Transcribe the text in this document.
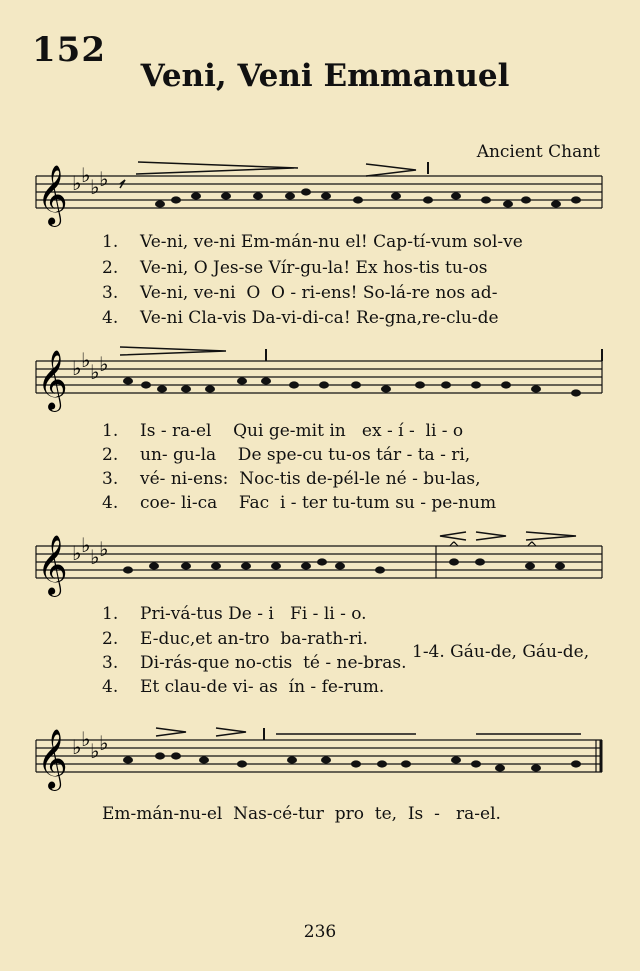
152
Veni, Veni Emmanuel
Ancient Chant
𝄞 ♭ ♭ ♭ ♭
1. Ve-ni, ve-ni Em-mán-nu el! Cap-tí-vum sol-ve
2. Ve-ni, O Jes-se Vír-gu-la! Ex hos-tis tu-os
3. Ve-ni, ve-ni  O  O - ri-ens! So-lá-re nos ad-
4. Ve-ni Cla-vis Da-vi-di-ca! Re-gna,re-clu-de
𝄞 ♭ ♭ ♭ ♭
1. Is - ra-el    Qui ge-mit in   ex - í -  li - o
2. un- gu-la    De spe-cu tu-os tár - ta - ri,
3. vé- ni-ens:  Noc-tis de-pél-le né - bu-las,
4. coe- li-ca    Fac  i - ter tu-tum su - pe-num
𝄞 ♭ ♭ ♭ ♭	^	^
1. Pri-vá-tus De - i   Fi - li - o.
2. E-duc,et an-tro  ba-rath-ri.
3. Di-rás-que no-ctis  té - ne-bras.
4. Et clau-de vi- as  ín - fe-rum.
1-4. Gáu-de, Gáu-de,
𝄞 ♭ ♭ ♭ ♭
Em-mán-nu-el  Nas-cé-tur  pro  te,  Is  -   ra-el.
236
